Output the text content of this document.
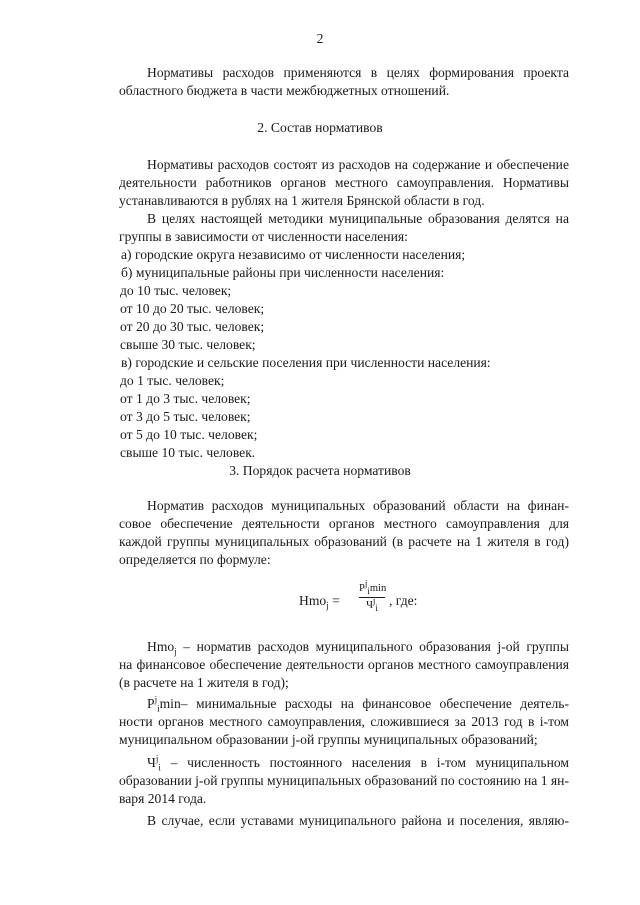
2

Нормативы расходов применяются в целях формирования проекта

областного бюджета в части межбюджетных отношений.

2. Состав нормативов

Нормативы расходов состоят из расходов на содержание и обеспечение

деятельности работников органов местного самоуправления. Нормативы

устанавливаются в рублях на 1 жителя Брянской области в год.

В целях настоящей методики муниципальные образования делятся на

группы в зависимости от численности населения:

а) городские округа независимо от численности населения;

б) муниципальные районы при численности населения:

до 10 тыс. человек;

от 10 до 20 тыс. человек;

от 20 до 30 тыс. человек;

свыше 30 тыс. человек;

в) городские и сельские поселения при численности населения:

до 1 тыс. человек;

от 1 до 3 тыс. человек;

от 3 до 5 тыс. человек;

от 5 до 10 тыс. человек;

свыше 10 тыс. человек.

3. Порядок расчета нормативов

Норматив расходов муниципальных образований области на финан-

совое обеспечение деятельности органов местного самоуправления для

каждой группы муниципальных образований (в расчете на 1 жителя в год)

определяется по формуле:

Нmo$_j$ =
$P^j_i\min$
$Ч^j_i$
, где:

Нmo$_j$ – норматив расходов муниципального образования j-ой группы

на финансовое обеспечение деятельности органов местного самоуправления

(в расчете на 1 жителя в год);

$P^j_i\min-$ минимальные расходы на финансовое обеспечение деятель-

ности органов местного самоуправления, сложившиеся за 2013 год в i-том

муниципальном образовании j-ой группы муниципальных образований;

$Ч^j_i$ – численность постоянного населения в i-том муниципальном

образовании j-ой группы муниципальных образований по состоянию на 1 ян-

варя 2014 года.

В случае, если уставами муниципального района и поселения, являю-
